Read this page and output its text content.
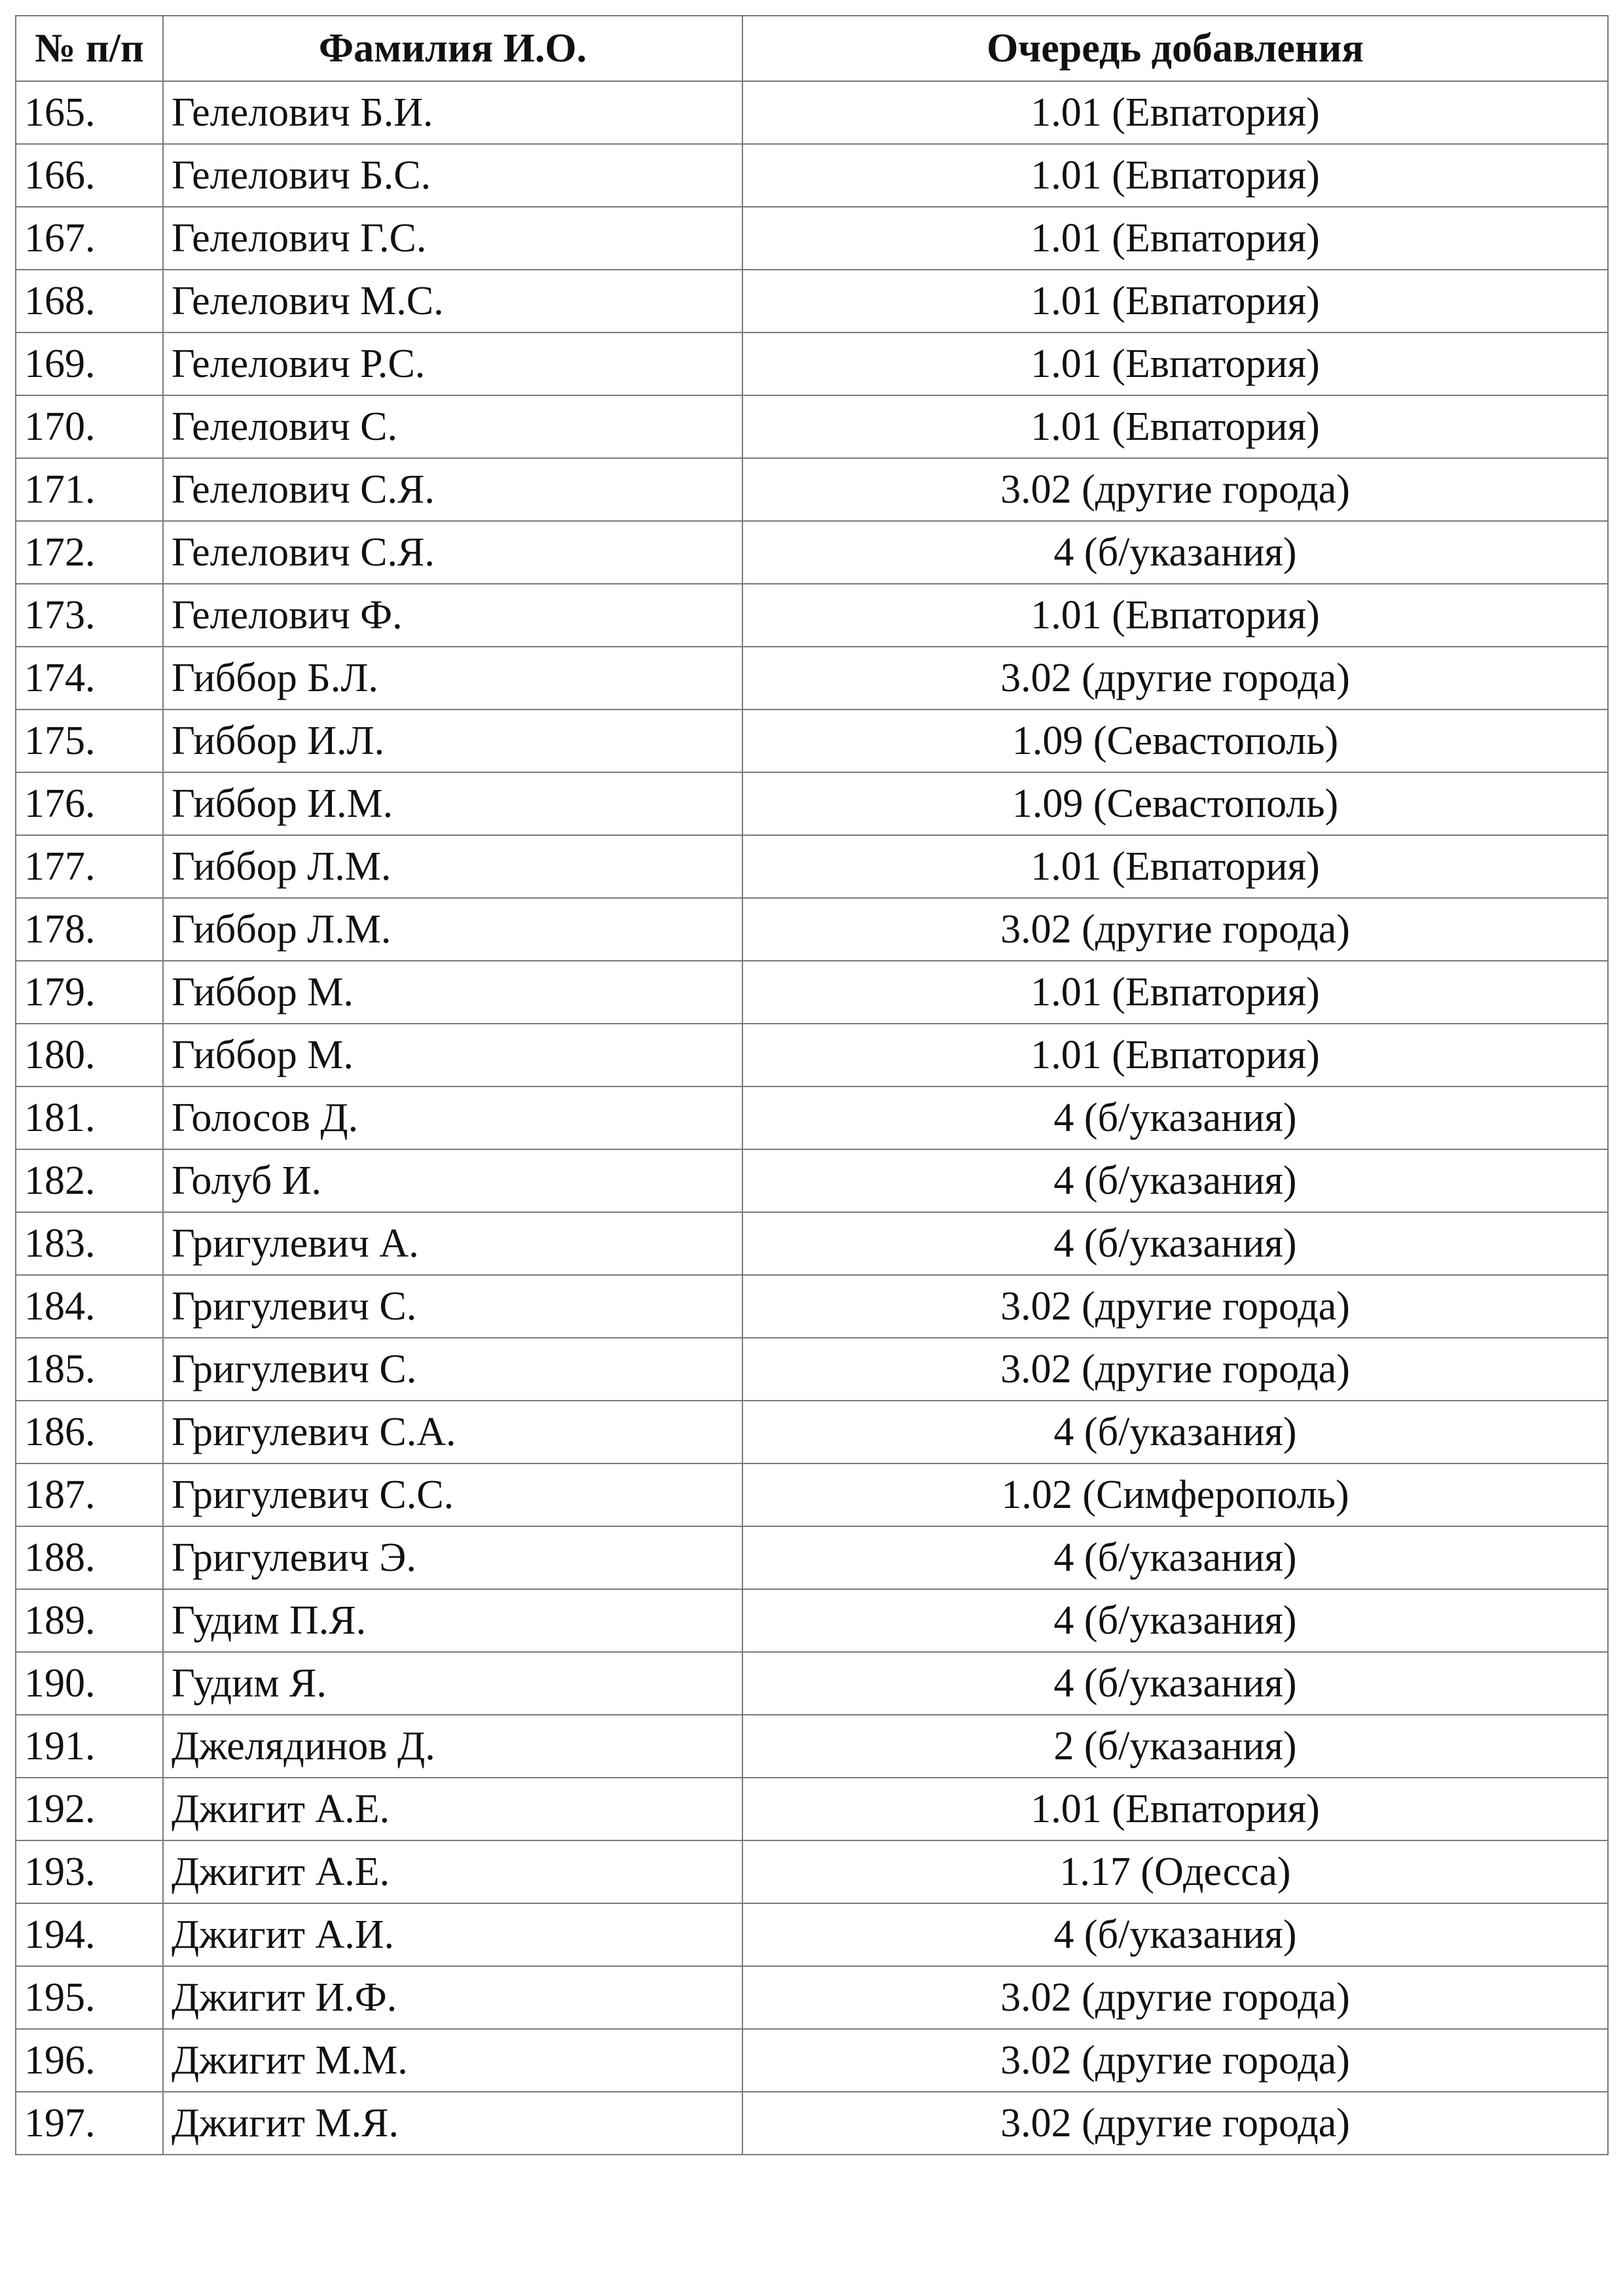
№ п/п	Фамилия И.О.	Очередь добавления
165.	Гелелович Б.И.	1.01 (Евпатория)
166.	Гелелович Б.С.	1.01 (Евпатория)
167.	Гелелович Г.С.	1.01 (Евпатория)
168.	Гелелович М.С.	1.01 (Евпатория)
169.	Гелелович Р.С.	1.01 (Евпатория)
170.	Гелелович С.	1.01 (Евпатория)
171.	Гелелович С.Я.	3.02 (другие города)
172.	Гелелович С.Я.	4 (б/указания)
173.	Гелелович Ф.	1.01 (Евпатория)
174.	Гиббор Б.Л.	3.02 (другие города)
175.	Гиббор И.Л.	1.09 (Севастополь)
176.	Гиббор И.М.	1.09 (Севастополь)
177.	Гиббор Л.М.	1.01 (Евпатория)
178.	Гиббор Л.М.	3.02 (другие города)
179.	Гиббор М.	1.01 (Евпатория)
180.	Гиббор М.	1.01 (Евпатория)
181.	Голосов Д.	4 (б/указания)
182.	Голуб И.	4 (б/указания)
183.	Григулевич А.	4 (б/указания)
184.	Григулевич С.	3.02 (другие города)
185.	Григулевич С.	3.02 (другие города)
186.	Григулевич С.А.	4 (б/указания)
187.	Григулевич С.С.	1.02 (Симферополь)
188.	Григулевич Э.	4 (б/указания)
189.	Гудим П.Я.	4 (б/указания)
190.	Гудим Я.	4 (б/указания)
191.	Джелядинов Д.	2 (б/указания)
192.	Джигит А.Е.	1.01 (Евпатория)
193.	Джигит А.Е.	1.17 (Одесса)
194.	Джигит А.И.	4 (б/указания)
195.	Джигит И.Ф.	3.02 (другие города)
196.	Джигит М.М.	3.02 (другие города)
197.	Джигит М.Я.	3.02 (другие города)
